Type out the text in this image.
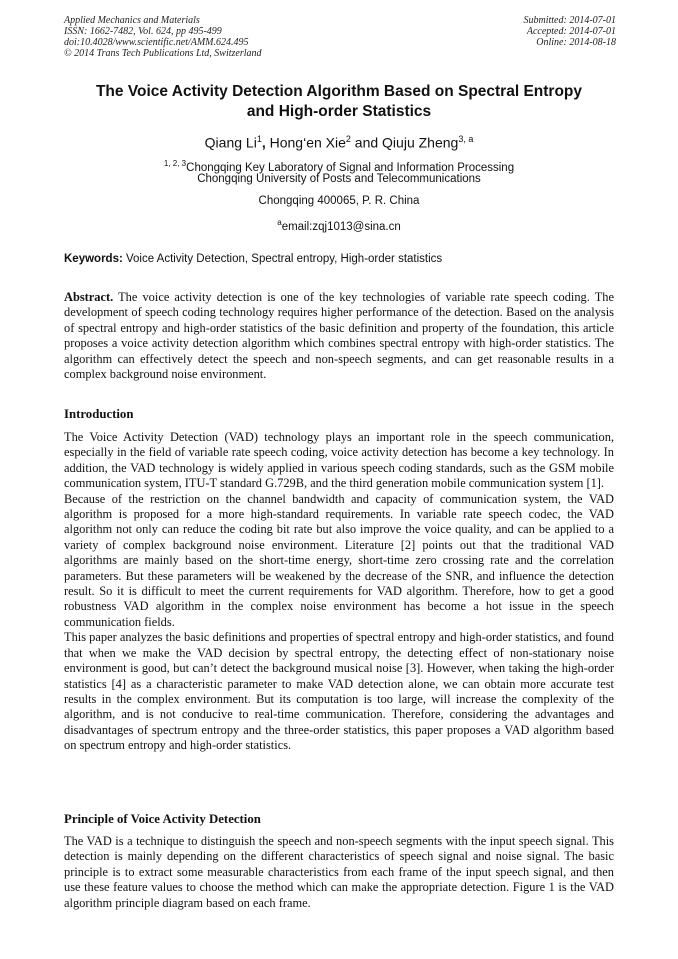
Applied Mechanics and Materials
ISSN: 1662-7482, Vol. 624, pp 495-499
doi:10.4028/www.scientific.net/AMM.624.495
© 2014 Trans Tech Publications Ltd, Switzerland
Submitted: 2014-07-01
Accepted: 2014-07-01
Online: 2014-08-18
The Voice Activity Detection Algorithm Based on Spectral Entropy
and High-order Statistics
Qiang Li$^1$, Hong‘en Xie$^2$ and Qiuju Zheng$^{3, a}$
$^{1, 2, 3}$Chongqing Key Laboratory of Signal and Information Processing
Chongqing University of Posts and Telecommunications
Chongqing 400065, P. R. China
$^a$email:zqj1013@sina.cn
Keywords: Voice Activity Detection, Spectral entropy, High-order statistics

Abstract. The voice activity detection is one of the key technologies of variable rate speech coding. The development of speech coding technology requires higher performance of the detection. Based on the analysis of spectral entropy and high-order statistics of the basic definition and property of the foundation, this article proposes a voice activity detection algorithm which combines spectral entropy with high-order statistics. The algorithm can effectively detect the speech and non-speech segments, and can get reasonable results in a complex background noise environment.

Introduction

The Voice Activity Detection (VAD) technology plays an important role in the speech communication, especially in the field of variable rate speech coding, voice activity detection has become a key technology. In addition, the VAD technology is widely applied in various speech coding standards, such as the GSM mobile communication system, ITU-T standard G.729B, and the third generation mobile communication system [1].

Because of the restriction on the channel bandwidth and capacity of communication system, the VAD algorithm is proposed for a more high-standard requirements. In variable rate speech codec, the VAD algorithm not only can reduce the coding bit rate but also improve the voice quality, and can be applied to a variety of complex background noise environment. Literature [2] points out that the traditional VAD algorithms are mainly based on the short-time energy, short-time zero crossing rate and the correlation parameters. But these parameters will be weakened by the decrease of the SNR, and influence the detection result. So it is difficult to meet the current requirements for VAD algorithm. Therefore, how to get a good robustness VAD algorithm in the complex noise environment has become a hot issue in the speech communication fields.

This paper analyzes the basic definitions and properties of spectral entropy and high-order statistics, and found that when we make the VAD decision by spectral entropy, the detecting effect of non-stationary noise environment is good, but can’t detect the background musical noise [3]. However, when taking the high-order statistics [4] as a characteristic parameter to make VAD detection alone, we can obtain more accurate test results in the complex environment. But its computation is too large, will increase the complexity of the algorithm, and is not conducive to real-time communication. Therefore, considering the advantages and disadvantages of spectrum entropy and the three-order statistics, this paper proposes a VAD algorithm based on spectrum entropy and high-order statistics.

Principle of Voice Activity Detection

The VAD is a technique to distinguish the speech and non-speech segments with the input speech signal. This detection is mainly depending on the different characteristics of speech signal and noise signal. The basic principle is to extract some measurable characteristics from each frame of the input speech signal, and then use these feature values to choose the method which can make the appropriate detection. Figure 1 is the VAD algorithm principle diagram based on each frame.
